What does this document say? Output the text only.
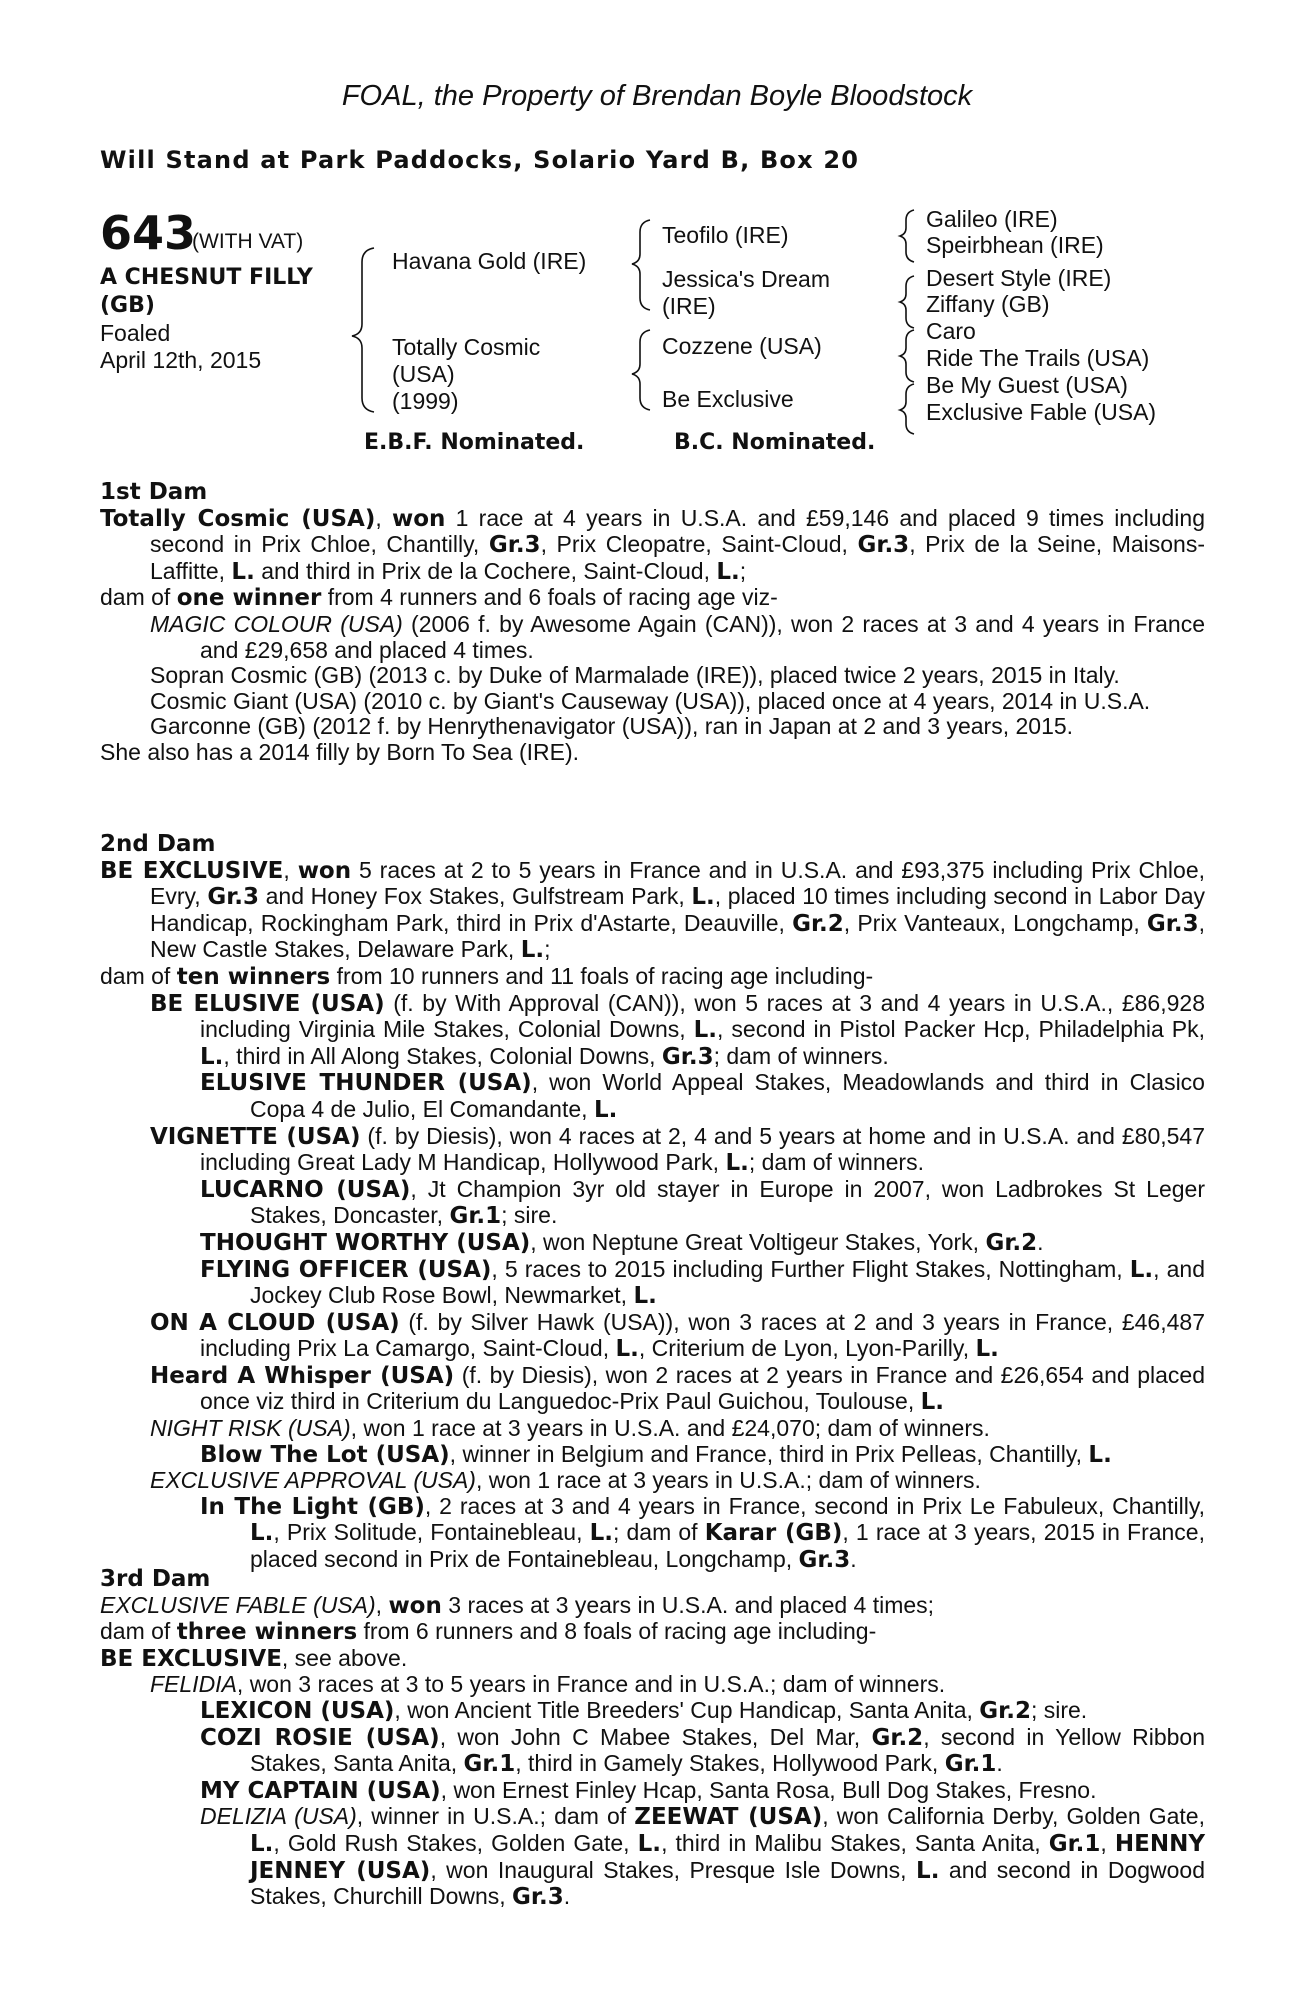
FOAL, the Property of Brendan Boyle Bloodstock
Will Stand at Park Paddocks, Solario Yard B, Box 20
643
(WITH VAT)
A CHESNUT FILLY (GB)
Foaled
April 12th, 2015
Havana Gold (IRE)
Totally Cosmic
(USA)
(1999)
Teofilo (IRE)
Jessica's Dream
(IRE)
Cozzene (USA)
Be Exclusive
Galileo (IRE)
Speirbhean (IRE)
Desert Style (IRE)
Ziffany (GB)
Caro
Ride The Trails (USA)
Be My Guest (USA)
Exclusive Fable (USA)
E.B.F. Nominated.	B.C. Nominated.

1st Dam

Totally Cosmic (USA), won 1 race at 4 years in U.S.A. and £59,146 and placed 9 times including second in Prix Chloe, Chantilly, Gr.3, Prix Cleopatre, Saint-Cloud, Gr.3, Prix de la Seine, Maisons-Laffitte, L. and third in Prix de la Cochere, Saint-Cloud, L.;

dam of one winner from 4 runners and 6 foals of racing age viz-

MAGIC COLOUR (USA) (2006 f. by Awesome Again (CAN)), won 2 races at 3 and 4 years in France and £29,658 and placed 4 times.

Sopran Cosmic (GB) (2013 c. by Duke of Marmalade (IRE)), placed twice 2 years, 2015 in Italy.

Cosmic Giant (USA) (2010 c. by Giant's Causeway (USA)), placed once at 4 years, 2014 in U.S.A.

Garconne (GB) (2012 f. by Henrythenavigator (USA)), ran in Japan at 2 and 3 years, 2015.

She also has a 2014 filly by Born To Sea (IRE).

2nd Dam

BE EXCLUSIVE, won 5 races at 2 to 5 years in France and in U.S.A. and £93,375 including Prix Chloe, Evry, Gr.3 and Honey Fox Stakes, Gulfstream Park, L., placed 10 times including second in Labor Day Handicap, Rockingham Park, third in Prix d'Astarte, Deauville, Gr.2, Prix Vanteaux, Longchamp, Gr.3, New Castle Stakes, Delaware Park, L.;

dam of ten winners from 10 runners and 11 foals of racing age including-

BE ELUSIVE (USA) (f. by With Approval (CAN)), won 5 races at 3 and 4 years in U.S.A., £86,928 including Virginia Mile Stakes, Colonial Downs, L., second in Pistol Packer Hcp, Philadelphia Pk, L., third in All Along Stakes, Colonial Downs, Gr.3; dam of winners.

ELUSIVE THUNDER (USA), won World Appeal Stakes, Meadowlands and third in Clasico Copa 4 de Julio, El Comandante, L.

VIGNETTE (USA) (f. by Diesis), won 4 races at 2, 4 and 5 years at home and in U.S.A. and £80,547 including Great Lady M Handicap, Hollywood Park, L.; dam of winners.

LUCARNO (USA), Jt Champion 3yr old stayer in Europe in 2007, won Ladbrokes St Leger Stakes, Doncaster, Gr.1; sire.

THOUGHT WORTHY (USA), won Neptune Great Voltigeur Stakes, York, Gr.2.

FLYING OFFICER (USA), 5 races to 2015 including Further Flight Stakes, Nottingham, L., and Jockey Club Rose Bowl, Newmarket, L.

ON A CLOUD (USA) (f. by Silver Hawk (USA)), won 3 races at 2 and 3 years in France, £46,487 including Prix La Camargo, Saint-Cloud, L., Criterium de Lyon, Lyon-Parilly, L.

Heard A Whisper (USA) (f. by Diesis), won 2 races at 2 years in France and £26,654 and placed once viz third in Criterium du Languedoc-Prix Paul Guichou, Toulouse, L.

NIGHT RISK (USA), won 1 race at 3 years in U.S.A. and £24,070; dam of winners.

Blow The Lot (USA), winner in Belgium and France, third in Prix Pelleas, Chantilly, L.

EXCLUSIVE APPROVAL (USA), won 1 race at 3 years in U.S.A.; dam of winners.

In The Light (GB), 2 races at 3 and 4 years in France, second in Prix Le Fabuleux, Chantilly, L., Prix Solitude, Fontainebleau, L.; dam of Karar (GB), 1 race at 3 years, 2015 in France, placed second in Prix de Fontainebleau, Longchamp, Gr.3.

3rd Dam

EXCLUSIVE FABLE (USA), won 3 races at 3 years in U.S.A. and placed 4 times;

dam of three winners from 6 runners and 8 foals of racing age including-

BE EXCLUSIVE, see above.

FELIDIA, won 3 races at 3 to 5 years in France and in U.S.A.; dam of winners.

LEXICON (USA), won Ancient Title Breeders' Cup Handicap, Santa Anita, Gr.2; sire.

COZI ROSIE (USA), won John C Mabee Stakes, Del Mar, Gr.2, second in Yellow Ribbon Stakes, Santa Anita, Gr.1, third in Gamely Stakes, Hollywood Park, Gr.1.

MY CAPTAIN (USA), won Ernest Finley Hcap, Santa Rosa, Bull Dog Stakes, Fresno.

DELIZIA (USA), winner in U.S.A.; dam of ZEEWAT (USA), won California Derby, Golden Gate, L., Gold Rush Stakes, Golden Gate, L., third in Malibu Stakes, Santa Anita, Gr.1, HENNY JENNEY (USA), won Inaugural Stakes, Presque Isle Downs, L. and second in Dogwood Stakes, Churchill Downs, Gr.3.
